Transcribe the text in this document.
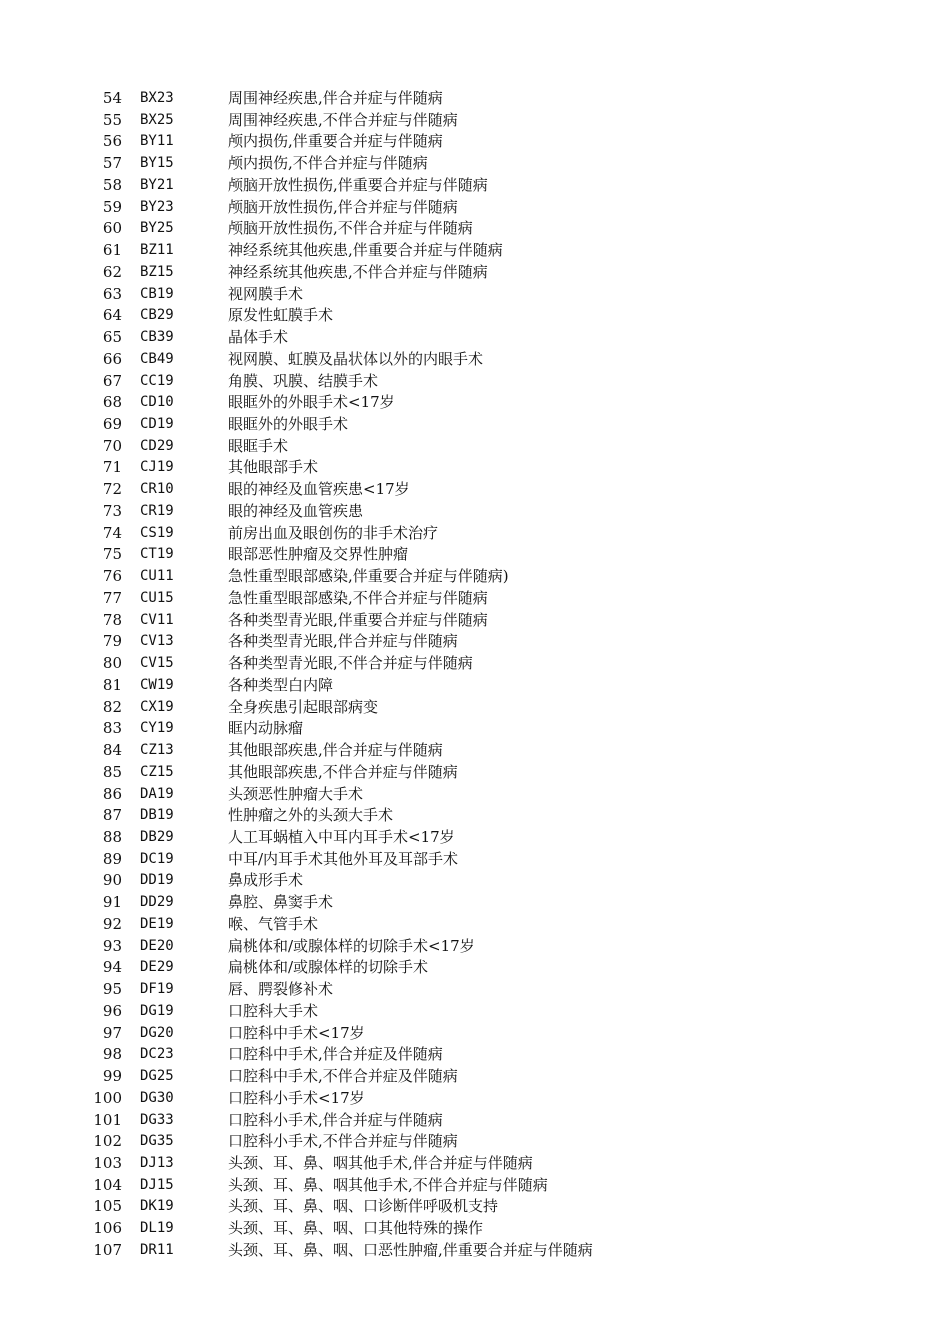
54 BX23	周围神经疾患,伴合并症与伴随病
55 BX25	周围神经疾患,不伴合并症与伴随病
56 BY11	颅内损伤,伴重要合并症与伴随病
57 BY15	颅内损伤,不伴合并症与伴随病
58 BY21	颅脑开放性损伤,伴重要合并症与伴随病
59 BY23	颅脑开放性损伤,伴合并症与伴随病
60 BY25	颅脑开放性损伤,不伴合并症与伴随病
61 BZ11	神经系统其他疾患,伴重要合并症与伴随病
62 BZ15	神经系统其他疾患,不伴合并症与伴随病
63 CB19	视网膜手术
64 CB29	原发性虹膜手术
65 CB39	晶体手术
66 CB49	视网膜、虹膜及晶状体以外的内眼手术
67 CC19	角膜、巩膜、结膜手术
68 CD10	眼眶外的外眼手术<17岁
69 CD19	眼眶外的外眼手术
70 CD29	眼眶手术
71 CJ19	其他眼部手术
72 CR10	眼的神经及血管疾患<17岁
73 CR19	眼的神经及血管疾患
74 CS19	前房出血及眼创伤的非手术治疗
75 CT19	眼部恶性肿瘤及交界性肿瘤
76 CU11	急性重型眼部感染,伴重要合并症与伴随病)
77 CU15	急性重型眼部感染,不伴合并症与伴随病
78 CV11	各种类型青光眼,伴重要合并症与伴随病
79 CV13	各种类型青光眼,伴合并症与伴随病
80 CV15	各种类型青光眼,不伴合并症与伴随病
81 CW19	各种类型白内障
82 CX19	全身疾患引起眼部病变
83 CY19	眶内动脉瘤
84 CZ13	其他眼部疾患,伴合并症与伴随病
85 CZ15	其他眼部疾患,不伴合并症与伴随病
86 DA19	头颈恶性肿瘤大手术
87 DB19	性肿瘤之外的头颈大手术
88 DB29	人工耳蜗植入中耳内耳手术<17岁
89 DC19	中耳/内耳手术其他外耳及耳部手术
90 DD19	鼻成形手术
91 DD29	鼻腔、鼻窦手术
92 DE19	喉、气管手术
93 DE20	扁桃体和/或腺体样的切除手术<17岁
94 DE29	扁桃体和/或腺体样的切除手术
95 DF19	唇、腭裂修补术
96 DG19	口腔科大手术
97 DG20	口腔科中手术<17岁
98 DC23	口腔科中手术,伴合并症及伴随病
99 DG25	口腔科中手术,不伴合并症及伴随病
100 DG30	口腔科小手术<17岁
101 DG33	口腔科小手术,伴合并症与伴随病
102 DG35	口腔科小手术,不伴合并症与伴随病
103 DJ13	头颈、耳、鼻、咽其他手术,伴合并症与伴随病
104 DJ15	头颈、耳、鼻、咽其他手术,不伴合并症与伴随病
105 DK19	头颈、耳、鼻、咽、口诊断伴呼吸机支持
106 DL19	头颈、耳、鼻、咽、口其他特殊的操作
107 DR11	头颈、耳、鼻、咽、口恶性肿瘤,伴重要合并症与伴随病
